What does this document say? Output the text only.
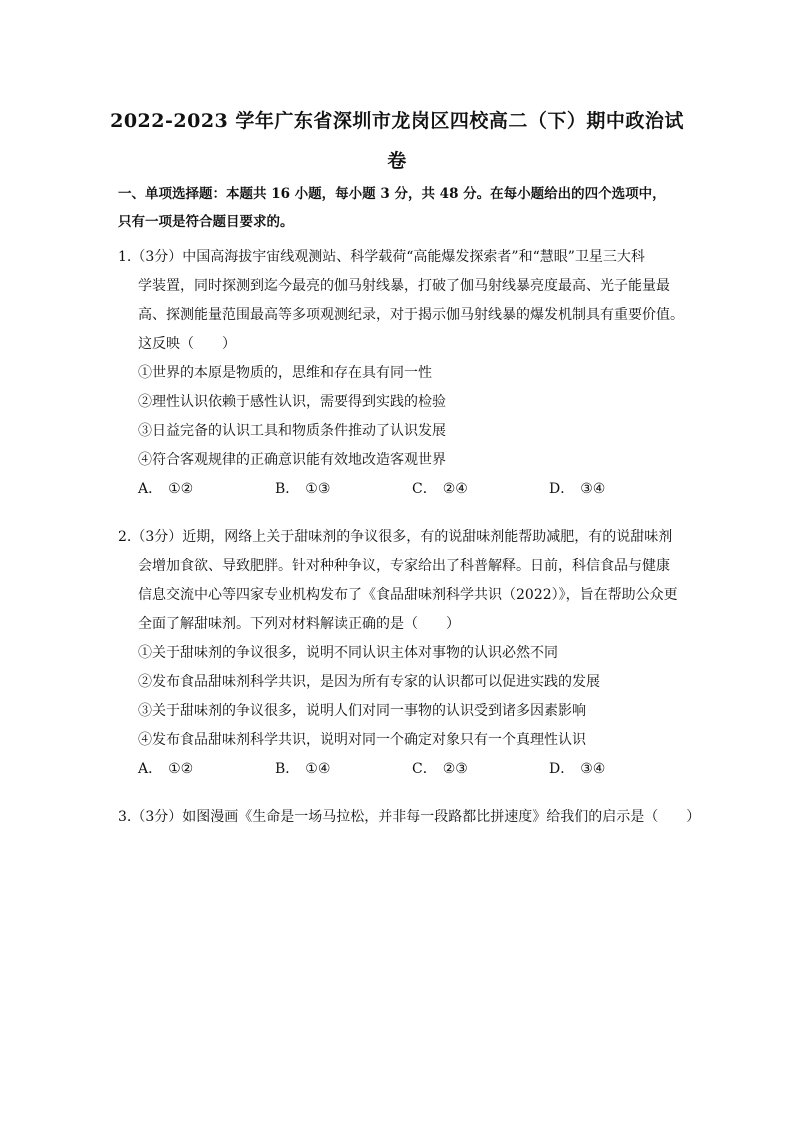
2022-2023 学年广东省深圳市龙岗区四校高二（下）期中政治试
卷
一、单项选择题：本题共 16 小题，每小题 3 分，共 48 分。在每小题给出的四个选项中，
只有一项是符合题目要求的。
1.（3分）中国高海拔宇宙线观测站、科学载荷“高能爆发探索者”和“慧眼”卫星三大科
学装置，同时探测到迄今最亮的伽马射线暴，打破了伽马射线暴亮度最高、光子能量最
高、探测能量范围最高等多项观测纪录，对于揭示伽马射线暴的爆发机制具有重要价值。
这反映（　　）
①世界的本原是物质的，思维和存在具有同一性
②理性认识依赖于感性认识，需要得到实践的检验
③日益完备的认识工具和物质条件推动了认识发展
④符合客观规律的正确意识能有效地改造客观世界
A． ①②	B． ①③	C． ②④	D． ③④
2.（3分）近期，网络上关于甜味剂的争议很多，有的说甜味剂能帮助减肥，有的说甜味剂
会增加食欲、导致肥胖。针对种种争议，专家给出了科普解释。日前，科信食品与健康
信息交流中心等四家专业机构发布了《食品甜味剂科学共识（2022）》，旨在帮助公众更
全面了解甜味剂。下列对材料解读正确的是（　　）
①关于甜味剂的争议很多，说明不同认识主体对事物的认识必然不同
②发布食品甜味剂科学共识，是因为所有专家的认识都可以促进实践的发展
③关于甜味剂的争议很多，说明人们对同一事物的认识受到诸多因素影响
④发布食品甜味剂科学共识，说明对同一个确定对象只有一个真理性认识
A． ①②	B． ①④	C． ②③	D． ③④
3.（3分）如图漫画《生命是一场马拉松，并非每一段路都比拼速度》给我们的启示是（　　）
